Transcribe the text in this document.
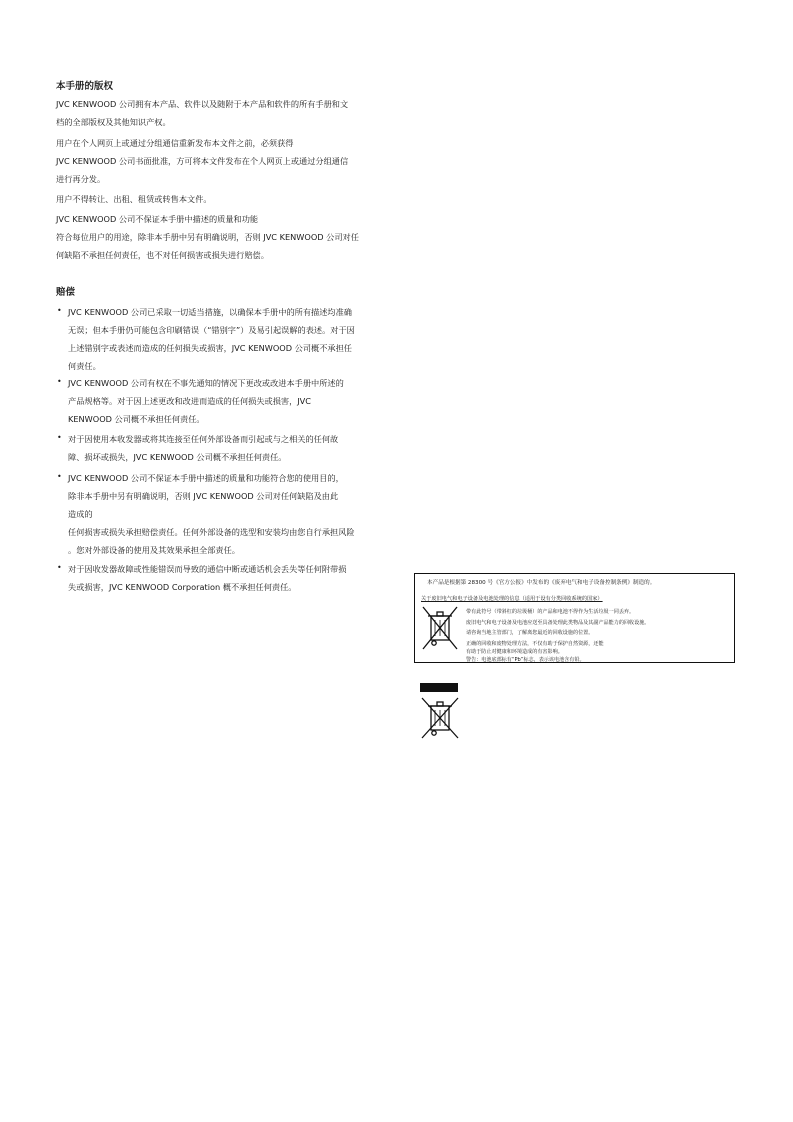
本手册的版权
JVC KENWOOD 公司拥有本产品、软件以及随附于本产品和软件的所有手册和文
档的全部版权及其他知识产权。
用户在个人网页上或通过分组通信重新发布本文件之前，必须获得
JVC KENWOOD 公司书面批准，方可将本文件发布在个人网页上或通过分组通信
进行再分发。
用户不得转让、出租、租赁或转售本文件。
JVC KENWOOD 公司不保证本手册中描述的质量和功能
符合每位用户的用途，除非本手册中另有明确说明，否则 JVC KENWOOD 公司对任
何缺陷不承担任何责任，也不对任何损害或损失进行赔偿。
赔偿
• JVC KENWOOD 公司已采取一切适当措施，以确保本手册中的所有描述均准确
无误；但本手册仍可能包含印刷错误（“错别字”）及易引起误解的表述。对于因
上述错别字或表述而造成的任何损失或损害，JVC KENWOOD 公司概不承担任
何责任。
• JVC KENWOOD 公司有权在不事先通知的情况下更改或改进本手册中所述的
产品规格等。对于因上述更改和改进而造成的任何损失或损害，JVC
KENWOOD 公司概不承担任何责任。
• 对于因使用本收发器或将其连接至任何外部设备而引起或与之相关的任何故
障、损坏或损失，JVC KENWOOD 公司概不承担任何责任。
• JVC KENWOOD 公司不保证本手册中描述的质量和功能符合您的使用目的，
除非本手册中另有明确说明，否则 JVC KENWOOD 公司对任何缺陷及由此
造成的
任何损害或损失承担赔偿责任。任何外部设备的选型和安装均由您自行承担风险
。您对外部设备的使用及其效果承担全部责任。
• 对于因收发器故障或性能错误而导致的通信中断或通话机会丢失等任何附带损
失或损害，JVC KENWOOD Corporation 概不承担任何责任。	本产品是根据第 28300 号《官方公报》中发布的《废弃电气和电子设备控制条例》制造的。
关于废旧电气和电子设备及电池处理的信息（适用于设有分类回收系统的国家）
带有此符号（带斜杠的垃圾桶）的产品和电池不得作为生活垃圾一同丢弃。
废旧电气和电子设备及电池应送至具备处理此类物品及其副产品能力的回收设施。
请咨询当地主管部门，了解离您最近的回收设施的位置。
正确的回收和废物处理方法，不仅有助于保护自然资源，还能
有助于防止对健康和环境造成的有害影响。
警告：电池底部标有“Pb”标志，表示该电池含有铅。
